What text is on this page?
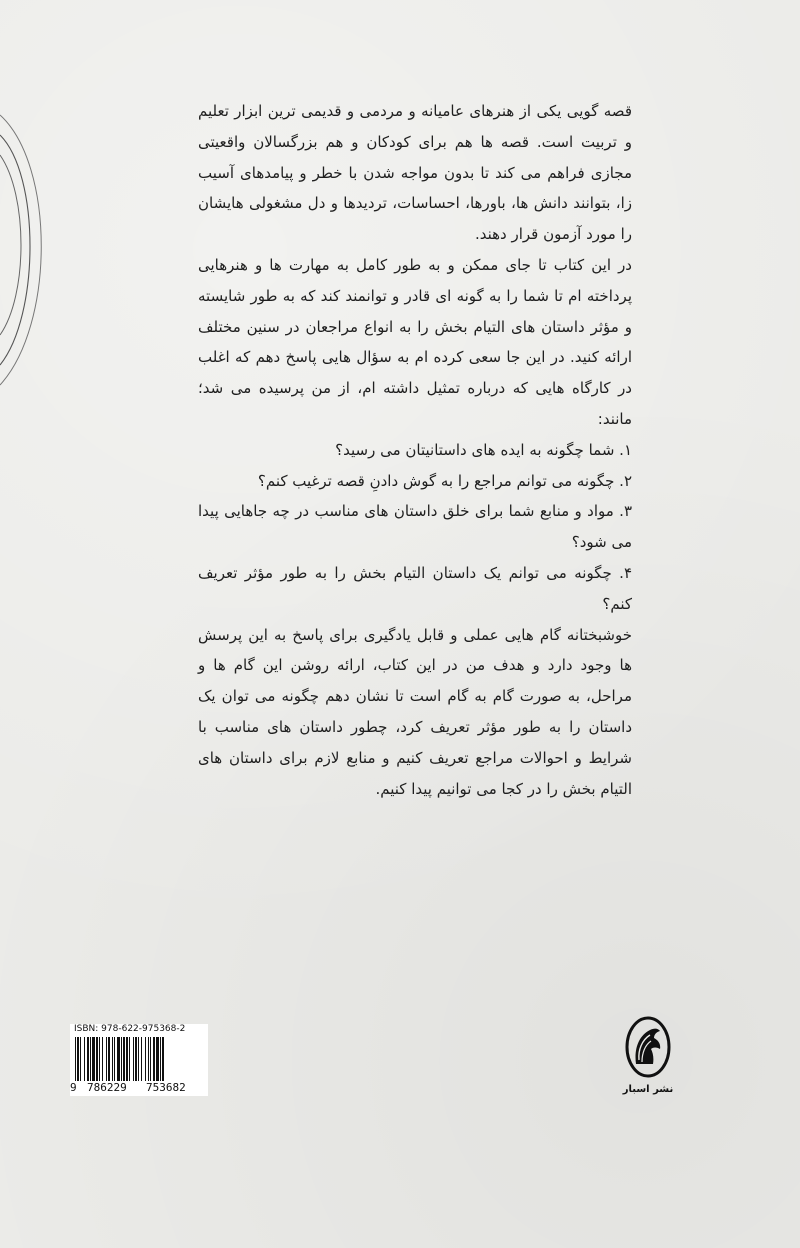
قصه گویی یکی از هنرهای عامیانه و مردمی و قدیمی ترین ابزار تعلیم و تربیت است. قصه ها هم برای کودکان و هم بزرگسالان واقعیتی مجازی فراهم می کند تا بدون مواجه شدن با خطر و پیامدهای آسیب زا، بتوانند دانش ها، باورها، احساسات، تردیدها و دل مشغولی هایشان را مورد آزمون قرار دهند.

در این کتاب تا جای ممکن و به طور کامل به مهارت ها و هنرهایی پرداخته ام تا شما را به گونه ای قادر و توانمند کند که به طور شایسته و مؤثر داستان های التیام بخش را به انواع مراجعان در سنین مختلف ارائه کنید. در این جا سعی کرده ام به سؤال هایی پاسخ دهم که اغلب در کارگاه هایی که درباره تمثیل داشته ام، از من پرسیده می شد؛ مانند:

۱. شما چگونه به ایده های داستانیتان می رسید؟

۲. چگونه می توانم مراجع را به گوش دادنِ قصه ترغیب کنم؟

۳. مواد و منابع شما برای خلق داستان های مناسب در چه جاهایی پیدا می شود؟

۴. چگونه می توانم یک داستان التیام بخش را به طور مؤثر تعریف کنم؟

خوشبختانه گام هایی عملی و قابل یادگیری برای پاسخ به این پرسش ها وجود دارد و هدف من در این کتاب، ارائه روشن این گام ها و مراحل، به صورت گام به گام است تا نشان دهم چگونه می توان یک داستان را به طور مؤثر تعریف کرد، چطور داستان های مناسب با شرایط و احوالات مراجع تعریف کنیم و منابع لازم برای داستان های التیام بخش را در کجا می توانیم پیدا کنیم.

ISBN: 978-622-975368-2
9 786229 753682	نشر اسبار
